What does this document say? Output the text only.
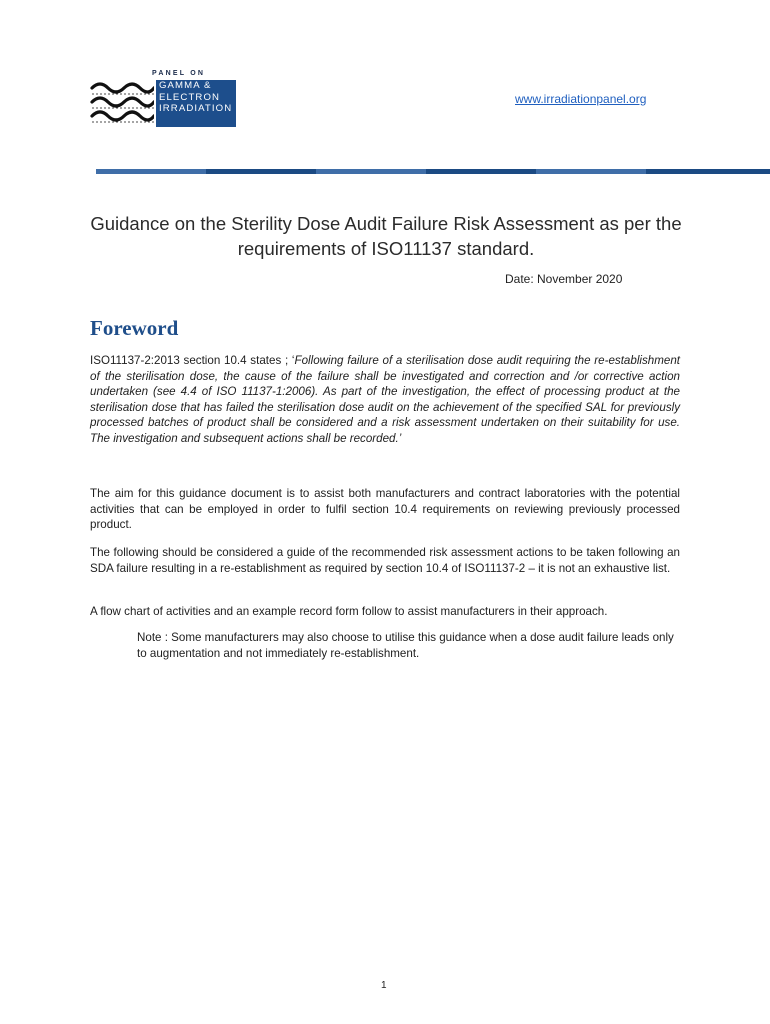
PANEL ON
GAMMA &
ELECTRON
IRRADIATION
www.irradiationpanel.org
Guidance on the Sterility Dose Audit Failure Risk Assessment as per the requirements of ISO11137 standard.
Date: November 2020
Foreword
ISO11137-2:2013 section 10.4 states ; ‘Following failure of a sterilisation dose audit requiring the re-establishment of the sterilisation dose, the cause of the failure shall be investigated and correction and /or corrective action undertaken (see 4.4 of ISO 11137-1:2006). As part of the investigation, the effect of processing product at the sterilisation dose that has failed the sterilisation dose audit on the achievement of the specified SAL for previously processed batches of product shall be considered and a risk assessment undertaken on their suitability for use. The investigation and subsequent actions shall be recorded.’
The aim for this guidance document is to assist both manufacturers and contract laboratories with the potential activities that can be employed in order to fulfil section 10.4 requirements on reviewing previously processed product.
The following should be considered a guide of the recommended risk assessment actions to be taken following an SDA failure resulting in a re-establishment as required by section 10.4 of ISO11137-2 – it is not an exhaustive list.
A flow chart of activities and an example record form follow to assist manufacturers in their approach.
Note : Some manufacturers may also choose to utilise this guidance when a dose audit failure leads only to augmentation and not immediately re-establishment.
1
